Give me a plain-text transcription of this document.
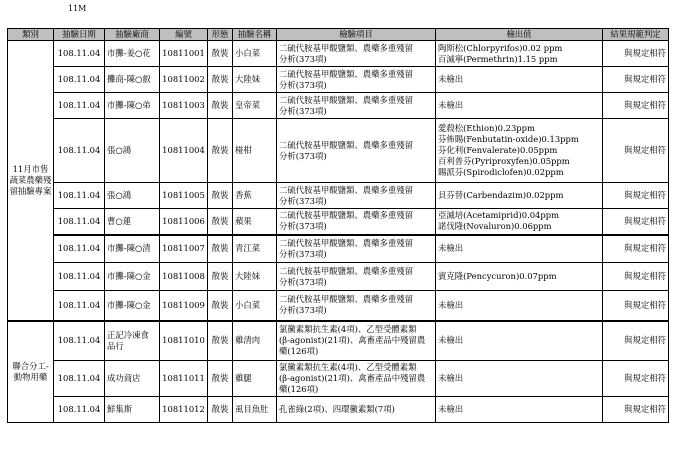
11M
類別	抽驗日期	抽驗廠商	編號	形態	抽驗名稱	檢驗項目	檢出值	結果規範判定
11月市售蔬菜農藥殘留抽驗專案	108.11.04	市攤-姜○花	10811001	散裝	小白菜	二硫代胺基甲酸鹽類、農藥多重殘留
分析(373項)	陶斯松(Chlorpyrifos)0.02 ppm
百滅寧(Permethrin)1.15 ppm	與規定相符
	108.11.04	攤商-陳○叡	10811002	散裝	大陸妹	二硫代胺基甲酸鹽類、農藥多重殘留
分析(373項)	未檢出	與規定相符
	108.11.04	市攤-陳○弟	10811003	散裝	皇帝菜	二硫代胺基甲酸鹽類、農藥多重殘留
分析(373項)	未檢出	與規定相符
	108.11.04	張○鴻	10811004	散裝	椪柑	二硫代胺基甲酸鹽類、農藥多重殘留
分析(373項)	愛殺松(Ethion)0.23ppm
芬佈賜(Fenbutatin-oxide)0.13ppm
芬化利(Fenvalerate)0.05ppm
百利普芬(Pyriproxyfen)0.05ppm
賜派芬(Spirodiclofen)0.02ppm	與規定相符
	108.11.04	張○鴻	10811005	散裝	香蕉	二硫代胺基甲酸鹽類、農藥多重殘留
分析(373項)	貝芬替(Carbendazim)0.02ppm	與規定相符
	108.11.04	曹○蓮	10811006	散裝	蘋果	二硫代胺基甲酸鹽類、農藥多重殘留
分析(373項)	亞滅培(Acetamiprid)0.04ppm
諾伐隆(Novaluron)0.06ppm	與規定相符
	108.11.04	市攤-陳○清	10811007	散裝	青江菜	二硫代胺基甲酸鹽類、農藥多重殘留
分析(373項)	未檢出	與規定相符
	108.11.04	市攤-陳○金	10811008	散裝	大陸妹	二硫代胺基甲酸鹽類、農藥多重殘留
分析(373項)	賓克隆(Pencycuron)0.07ppm	與規定相符
	108.11.04	市攤-陳○金	10811009	散裝	小白菜	二硫代胺基甲酸鹽類、農藥多重殘留
分析(373項)	未檢出	與規定相符
聯合分工-動物用藥	108.11.04	正記冷凍食品行	10811010	散裝	雞清肉	氯黴素類抗生素(4項)、乙型受體素類
(β-agonist)(21項)、禽畜產品中殘留農
藥(126項)	未檢出	與規定相符
	108.11.04	成功商店	10811011	散裝	雞腿	氯黴素類抗生素(4項)、乙型受體素類
(β-agonist)(21項)、禽畜產品中殘留農
藥(126項)	未檢出	與規定相符
	108.11.04	鮮集斯	10811012	散裝	虱目魚肚	孔雀綠(2項)、四環黴素類(7項)	未檢出	與規定相符
